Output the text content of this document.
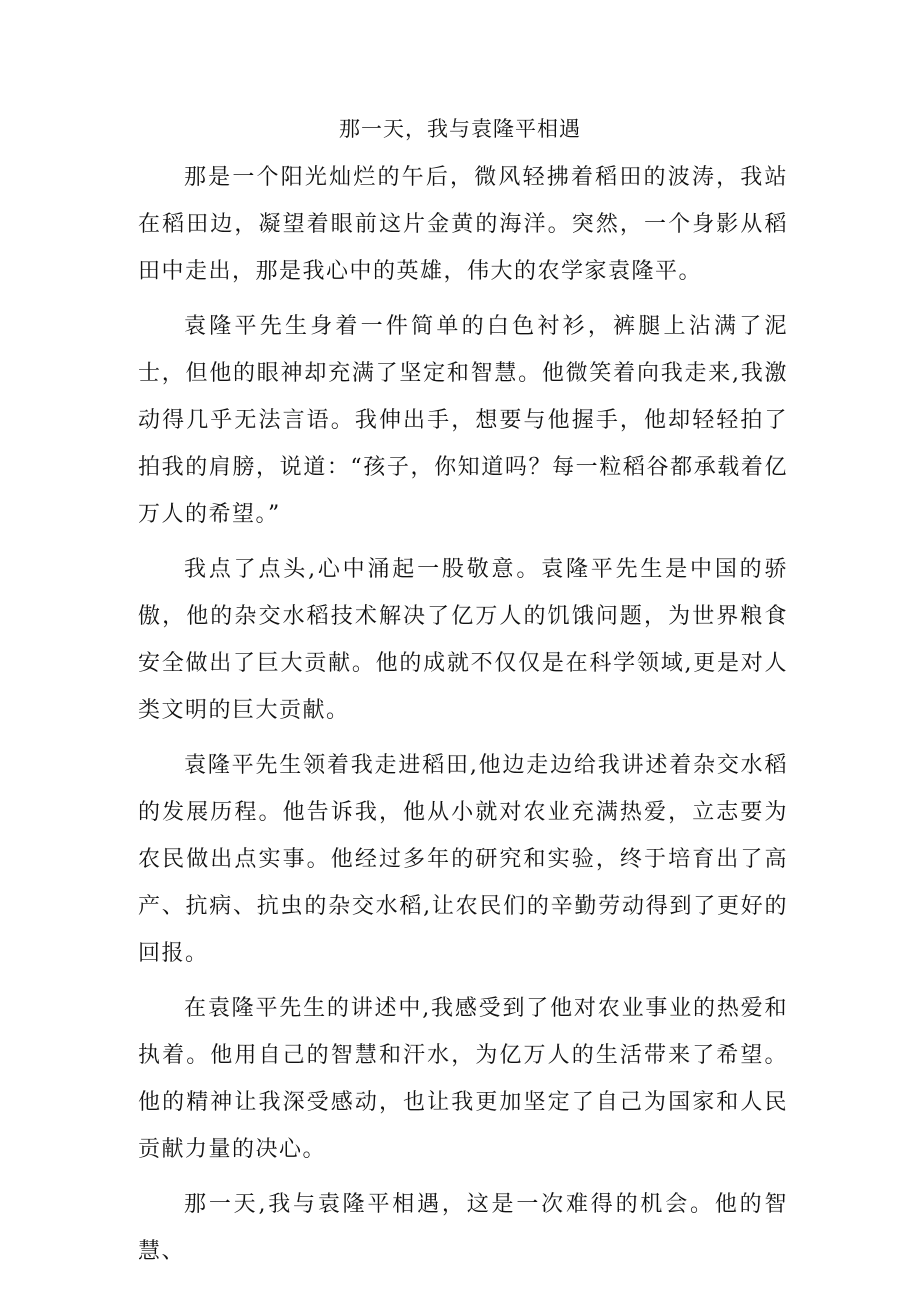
那一天，我与袁隆平相遇

那是一个阳光灿烂的午后，微风轻拂着稻田的波涛，我站在稻田边，凝望着眼前这片金黄的海洋。突然，一个身影从稻田中走出，那是我心中的英雄，伟大的农学家袁隆平。

袁隆平先生身着一件简单的白色衬衫，裤腿上沾满了泥士，但他的眼神却充满了坚定和智慧。他微笑着向我走来,我激动得几乎无法言语。我伸出手，想要与他握手，他却轻轻拍了拍我的肩膀，说道：“孩子，你知道吗？每一粒稻谷都承载着亿万人的希望。”

我点了点头,心中涌起一股敬意。袁隆平先生是中国的骄傲，他的杂交水稻技术解决了亿万人的饥饿问题，为世界粮食安全做出了巨大贡献。他的成就不仅仅是在科学领域,更是对人类文明的巨大贡献。

袁隆平先生领着我走进稻田,他边走边给我讲述着杂交水稻的发展历程。他告诉我，他从小就对农业充满热爱，立志要为农民做出点实事。他经过多年的研究和实验，终于培育出了高产、抗病、抗虫的杂交水稻,让农民们的辛勤劳动得到了更好的回报。

在袁隆平先生的讲述中,我感受到了他对农业事业的热爱和执着。他用自己的智慧和汗水，为亿万人的生活带来了希望。他的精神让我深受感动，也让我更加坚定了自己为国家和人民贡献力量的决心。

那一天,我与袁隆平相遇，这是一次难得的机会。他的智慧、
